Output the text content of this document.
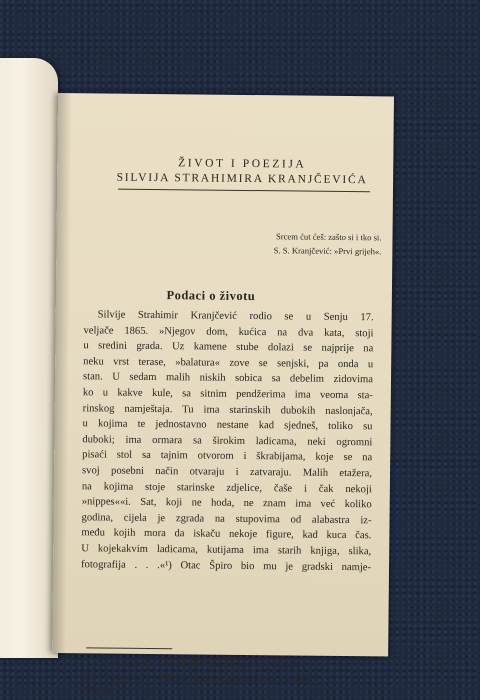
ŽIVOT I POEZIJA
SILVIJA STRAHIMIRA KRANJČEVIĆA
Srcem ćut ćeš: zašto si i tko si.
S. S. Kranjčević: »Prvi grijeh«.
Podaci o životu
Silvije Strahimir Kranjčević rodio se u Senju 17.
veljače 1865. »Njegov dom, kućica na dva kata, stoji
u sredini grada. Uz kamene stube dolazi se najprije na
neku vrst terase, »balatura« zove se senjski, pa onda u
stan. U sedam malih niskih sobica sa debelim zidovima
ko u kakve kule, sa sitnim pendžerima ima veoma sta-
rinskog namještaja. Tu ima starinskih dubokih naslonjača,
u kojima te jednostavno nestane kad sjedneš, toliko su
duboki; ima ormara sa širokim ladicama, neki ogromni
pisaći stol sa tajnim otvorom i škrabijama, koje se na
svoj posebni način otvaraju i zatvaraju. Malih etažera,
na kojima stoje starinske zdjelice, čaše i čak nekoji
»nippes««i. Sat, koji ne hoda, ne znam ima već koliko
godina, cijela je zgrada na stupovima od alabastra iz-
među kojih mora da iskaču nekoje figure, kad kuca čas.
U kojekakvim ladicama, kutijama ima starih knjiga, slika,
fotografija . . .«¹) Otac Špiro bio mu je gradski namje-
$^{^1)}$ Ela Kranjčević: Moj Silvije. Spomen-spis S. S. Kranjče-
viću. Prigodom 25.-godišnjice njegovog pjesnikovanja. Sarajevo
1908. Str. 57.
